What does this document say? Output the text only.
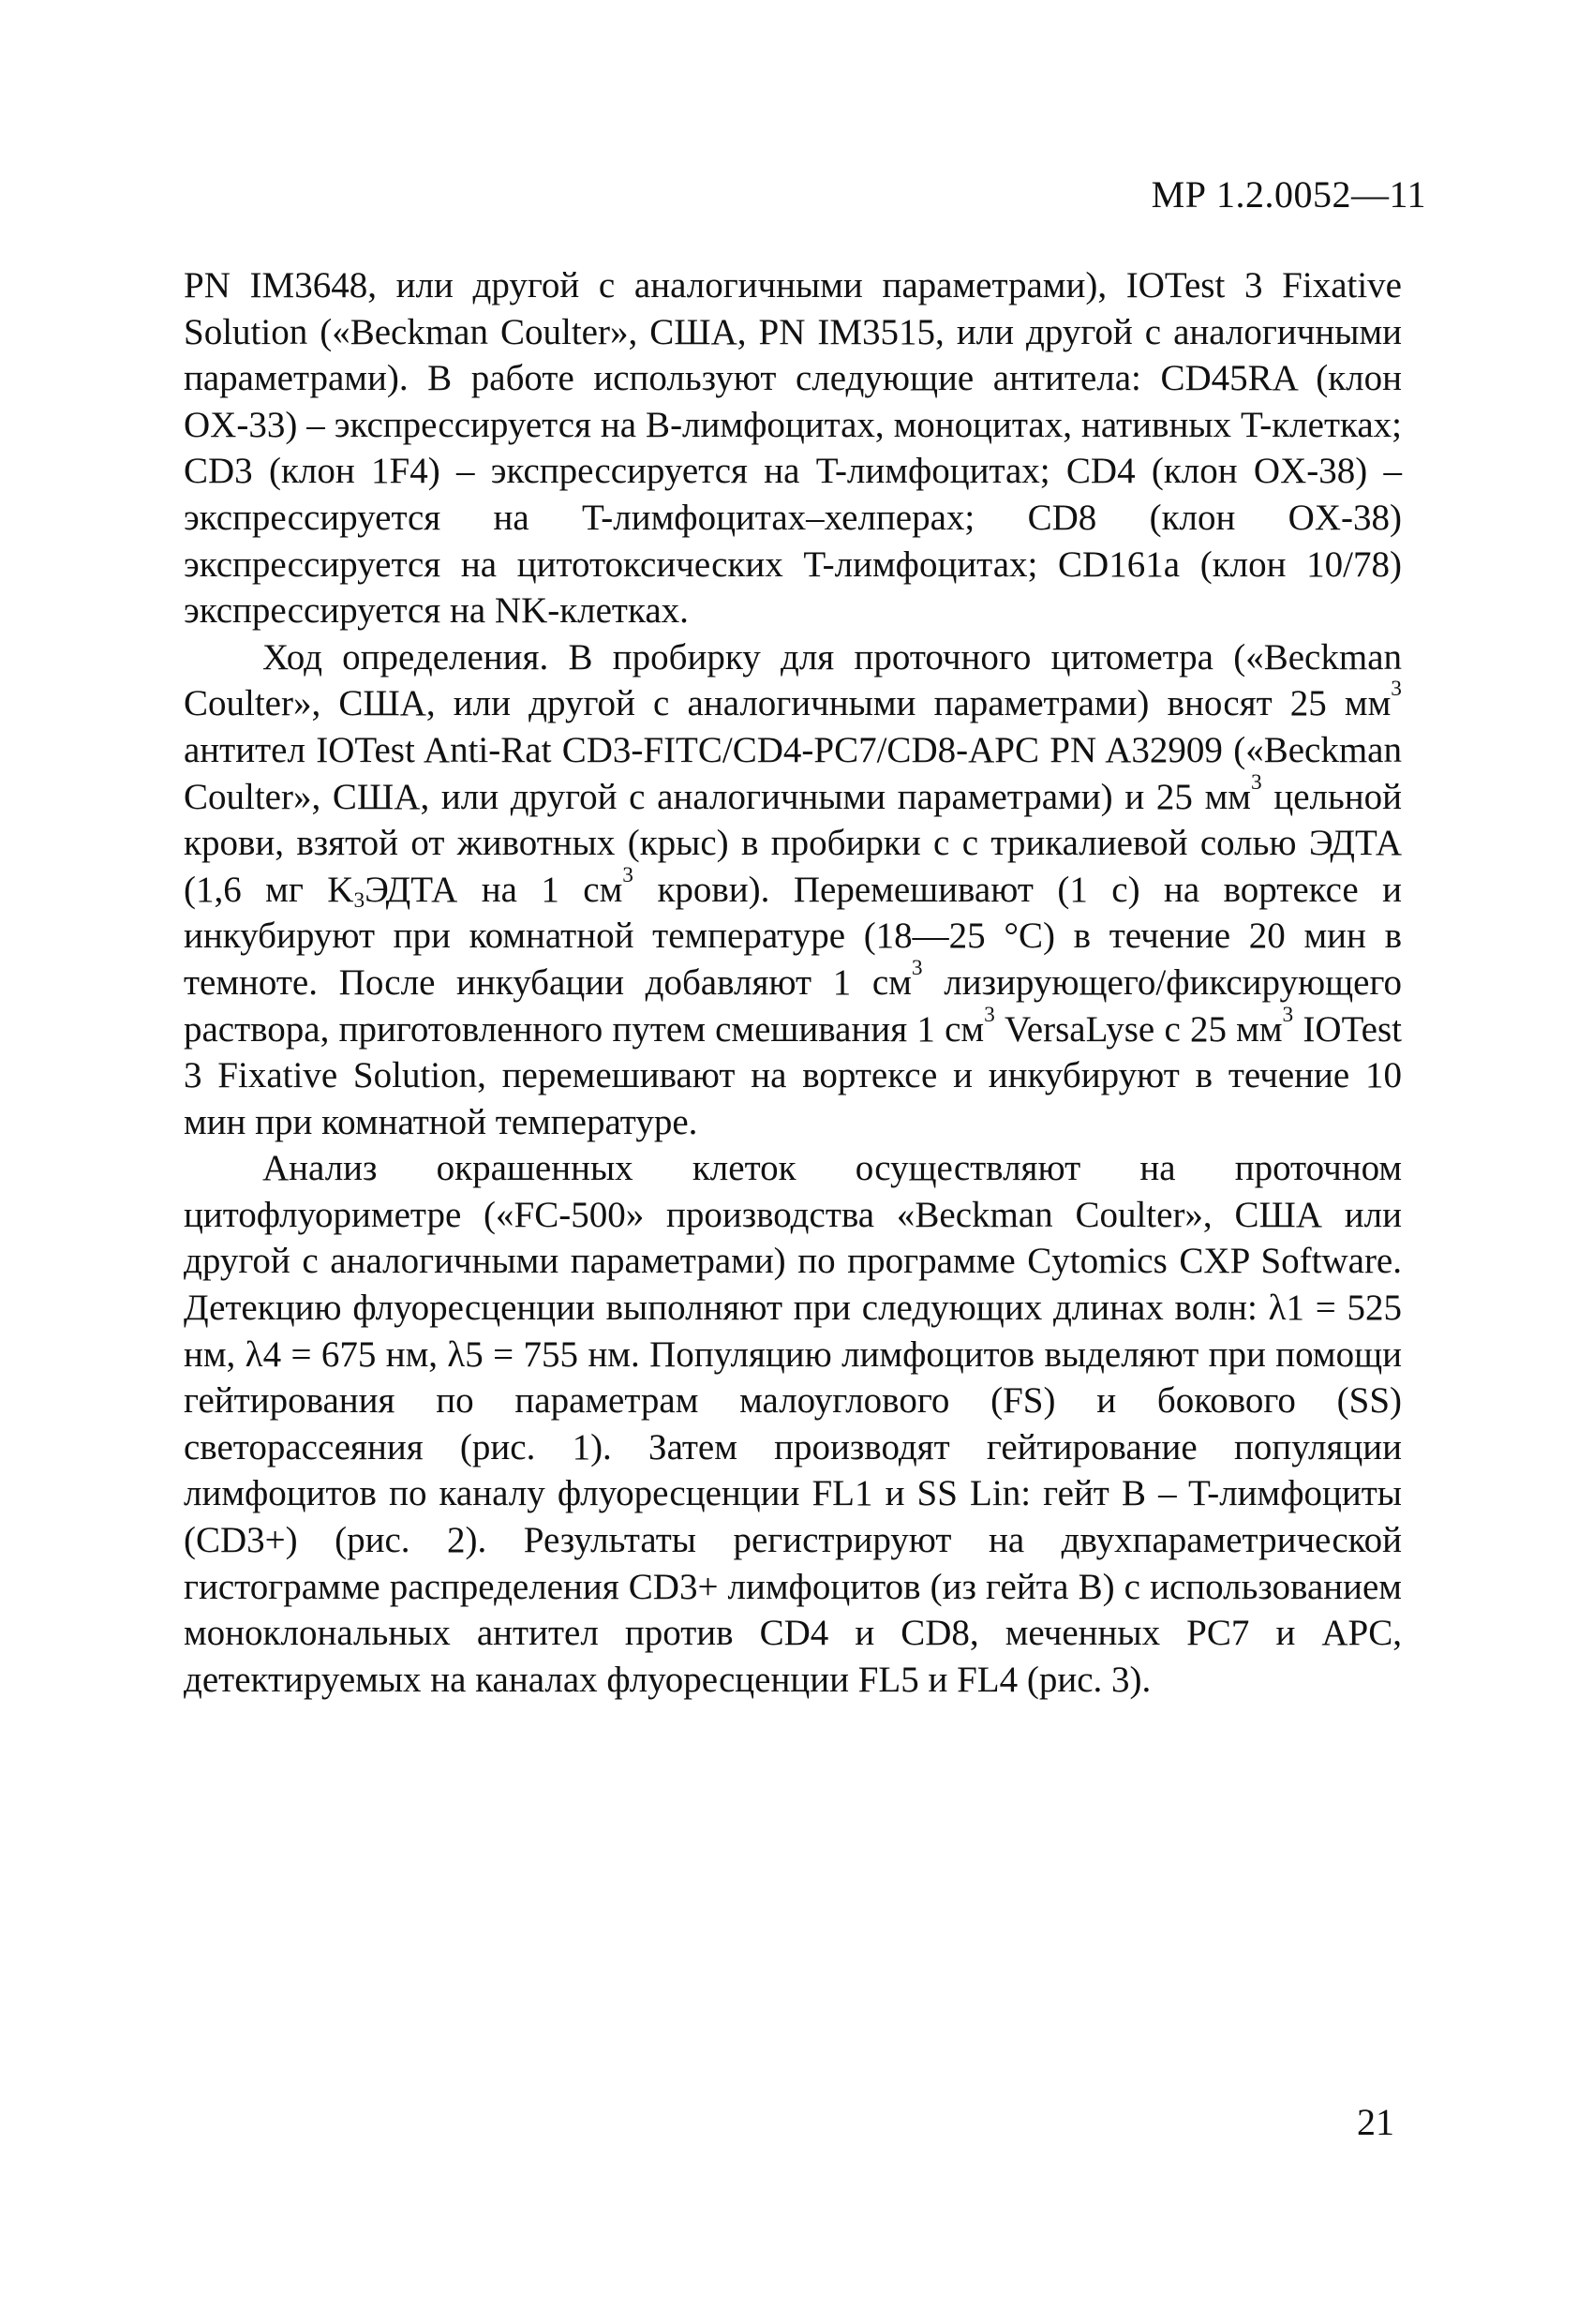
МР 1.2.0052—11

PN IM3648, или другой с аналогичными параметрами), IOTest 3 Fixative Solution («Beckman Coulter», США, PN IM3515, или другой с аналогичными параметрами). В работе используют следующие антитела: CD45RA (клон OX-33) – экспрессируется на B-лимфоцитах, моноцитах, нативных T-клетках; CD3 (клон 1F4) – экспрессируется на T-лимфоцитах; CD4 (клон OX-38) – экспрессируется на T-лимфоцитах–хелперах; CD8 (клон OX-38) экспрессируется на цитотоксических T-лимфоцитах; CD161a (клон 10/78) экспрессируется на NK-клетках.

Ход определения. В пробирку для проточного цитометра («Beckman Coulter», США, или другой с аналогичными параметрами) вносят 25 $мм^3$ антител IOTest Anti-Rat CD3-FITC/CD4-PC7/CD8-APC PN A32909 («Beckman Coulter», США, или другой с аналогичными параметрами) и 25 $мм^3$ цельной крови, взятой от животных (крыс) в пробирки с с трикалиевой солью ЭДТА (1,6 мг $K_3ЭДТА$ на 1 $см^3$ крови). Перемешивают (1 с) на вортексе и инкубируют при комнатной температуре (18—25 °С) в течение 20 мин в темноте. После инкубации добавляют 1 $см^3$ лизирующего/фиксирующего раствора, приготовленного путем смешивания 1 $см^3$ VersaLyse с 25 $мм^3$ IOTest 3 Fixative Solution, перемешивают на вортексе и инкубируют в течение 10 мин при комнатной температуре.

Анализ окрашенных клеток осуществляют на проточном цитофлуориметре («FC-500» производства «Beckman Coulter», США или другой с аналогичными параметрами) по программе Cytomics CXP Software. Детекцию флуоресценции выполняют при следующих длинах волн: λ1 = 525 нм, λ4 = 675 нм, λ5 = 755 нм. Популяцию лимфоцитов выделяют при помощи гейтирования по параметрам малоуглового (FS) и бокового (SS) светорассеяния (рис. 1). Затем производят гейтирование популяции лимфоцитов по каналу флуоресценции FL1 и SS Lin: гейт B – T-лимфоциты (CD3+) (рис. 2). Результаты регистрируют на двухпараметрической гистограмме распределения CD3+ лимфоцитов (из гейта B) с использованием моноклональных антител против CD4 и CD8, меченных PC7 и APC, детектируемых на каналах флуоресценции FL5 и FL4 (рис. 3).

21
